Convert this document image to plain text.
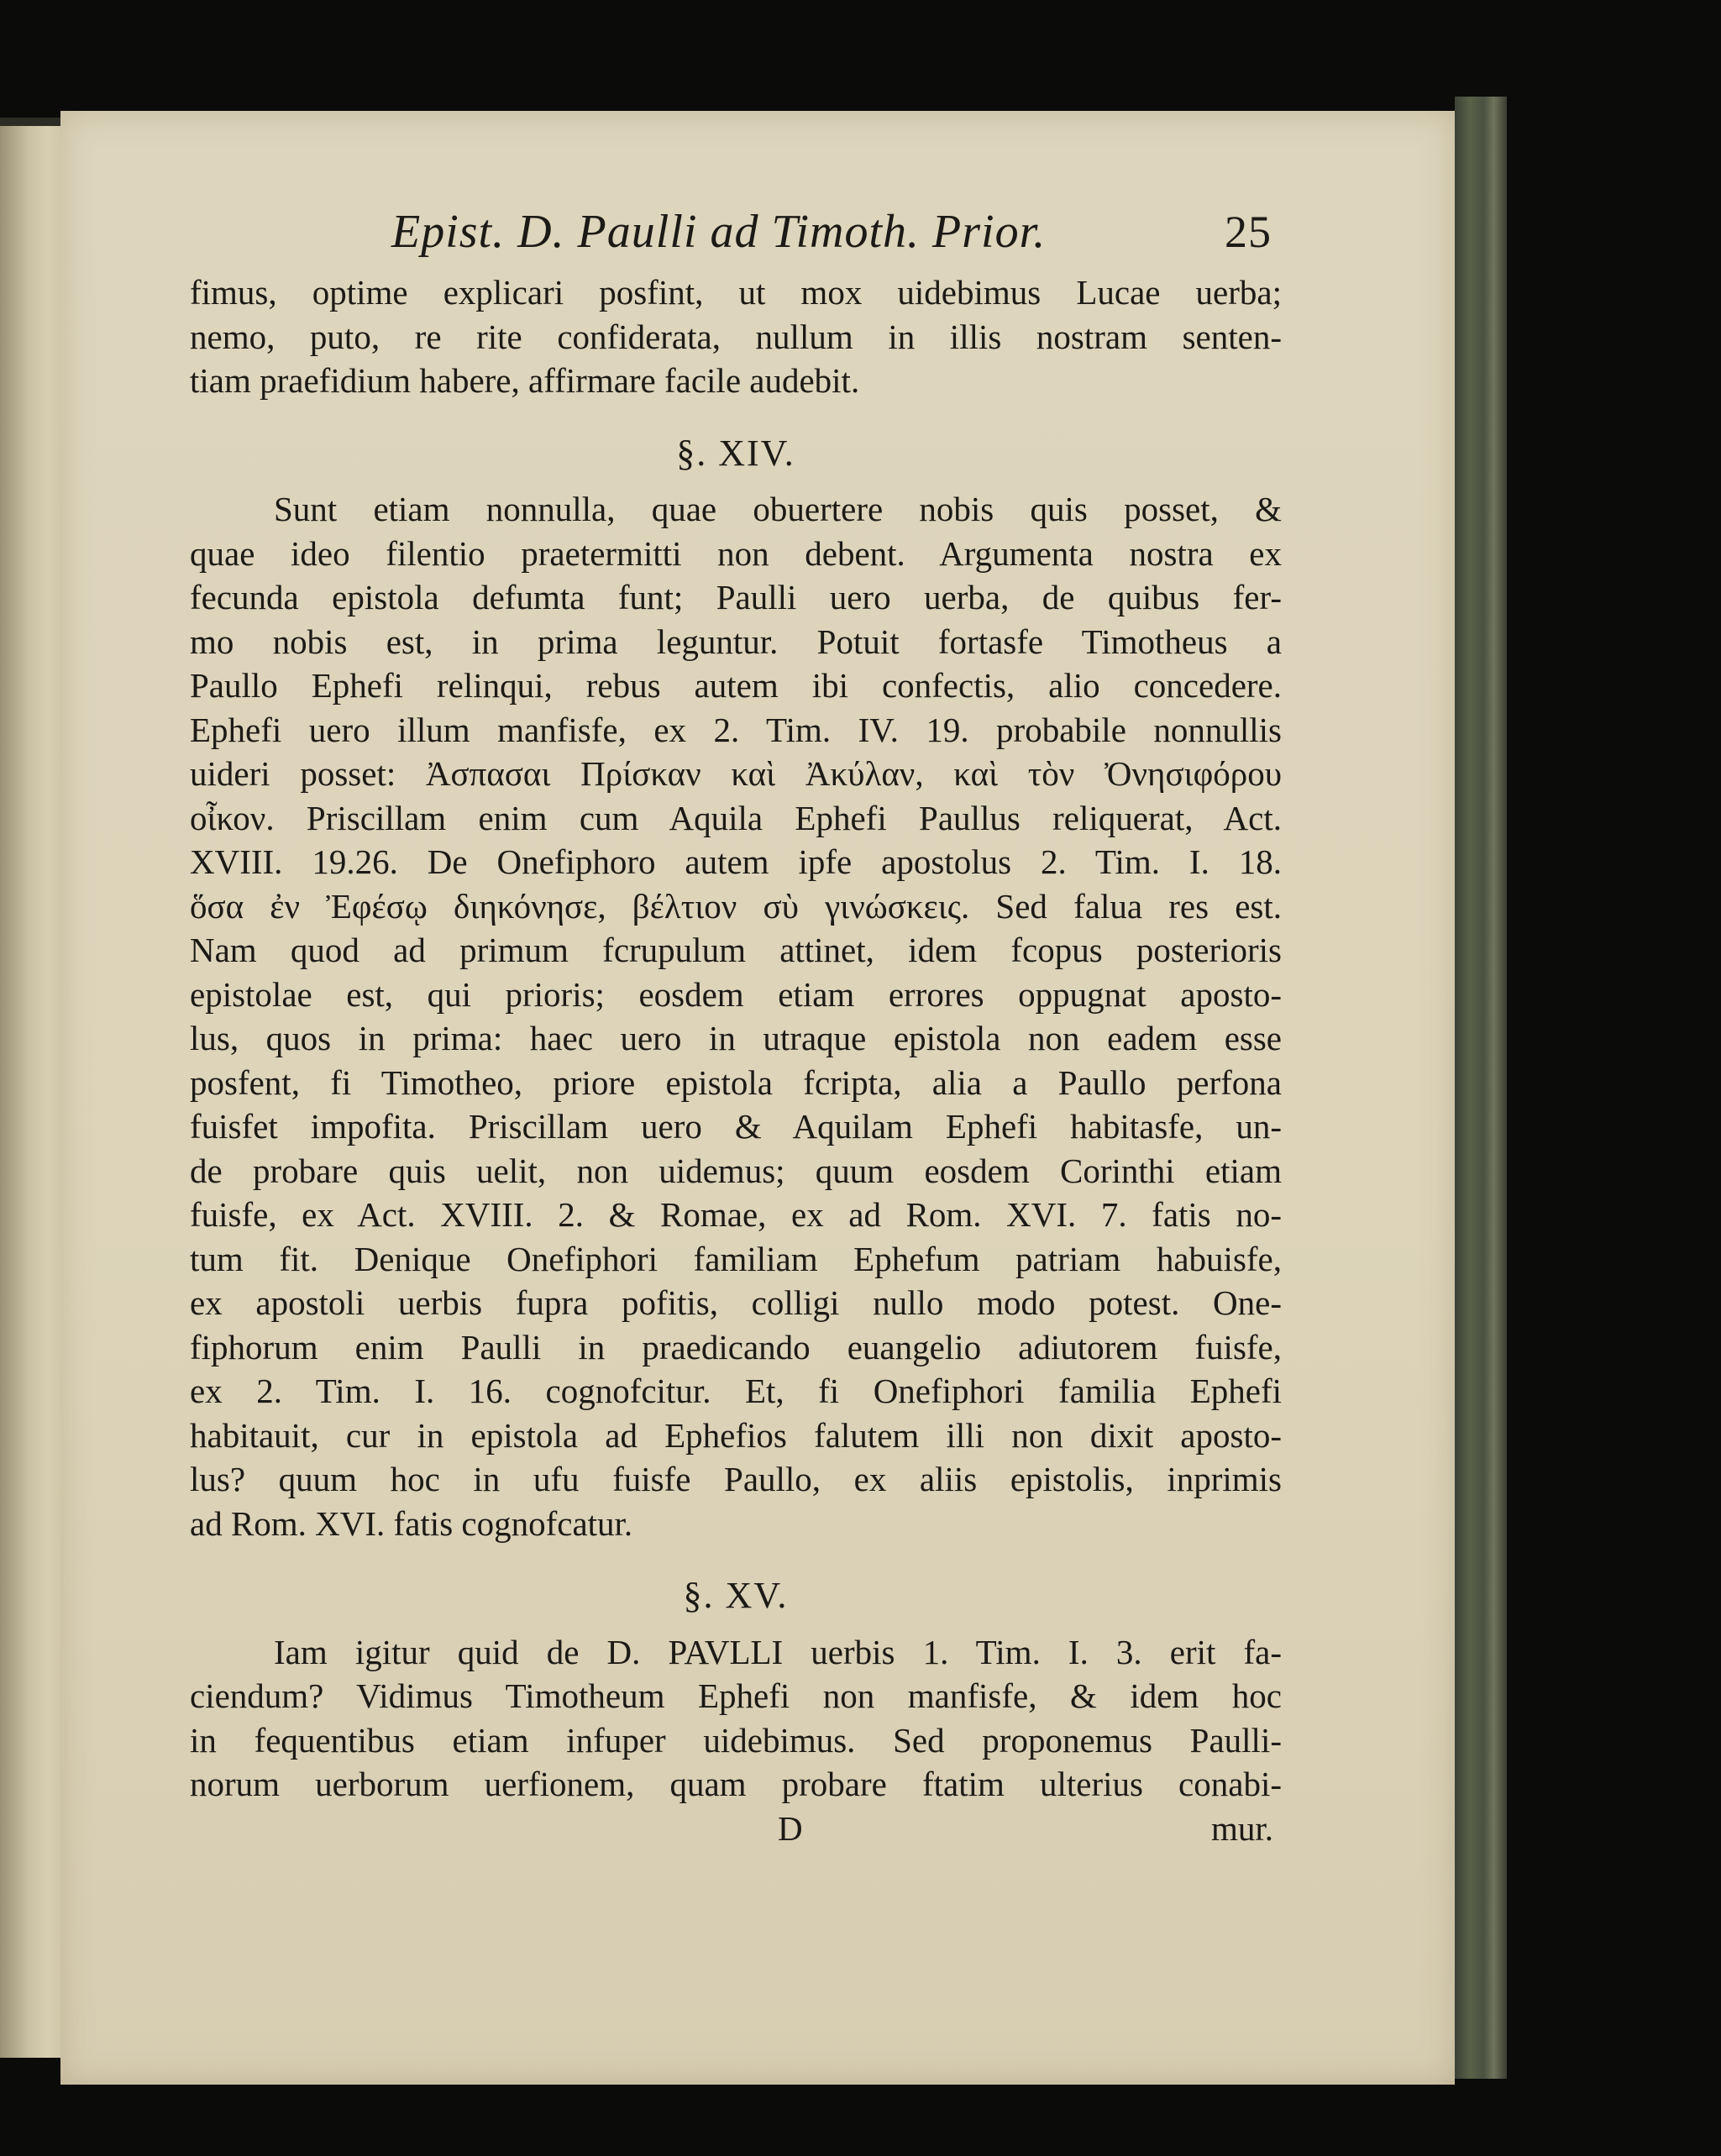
Epist. D. Paulli ad Timoth. Prior.	25
fimus, optime explicari posfint, ut mox uidebimus Lucae uerba;
nemo, puto, re rite confiderata, nullum in illis nostram senten-
tiam praefidium habere, affirmare facile audebit.
§. XIV.
Sunt etiam nonnulla, quae obuertere nobis quis posset, &
quae ideo filentio praetermitti non debent. Argumenta nostra ex
fecunda epistola defumta funt; Paulli uero uerba, de quibus fer-
mo nobis est, in prima leguntur. Potuit fortasfe Timotheus a
Paullo Ephefi relinqui, rebus autem ibi confectis, alio concedere.
Ephefi uero illum manfisfe, ex 2. Tim. IV. 19. probabile nonnullis
uideri posset: Ἀσπασαι Πρίσκαν καὶ Ἀκύλαν, καὶ τὸν Ὀνησιφόρου
οἶκον. Priscillam enim cum Aquila Ephefi Paullus reliquerat, Act.
XVIII. 19.26. De Onefiphoro autem ipfe apostolus 2. Tim. I. 18.
ὅσα ἐν Ἐφέσῳ διηκόνησε, βέλτιον σὺ γινώσκεις. Sed falua res est.
Nam quod ad primum fcrupulum attinet, idem fcopus posterioris
epistolae est, qui prioris; eosdem etiam errores oppugnat aposto-
lus, quos in prima: haec uero in utraque epistola non eadem esse
posfent, fi Timotheo, priore epistola fcripta, alia a Paullo perfona
fuisfet impofita. Priscillam uero & Aquilam Ephefi habitasfe, un-
de probare quis uelit, non uidemus; quum eosdem Corinthi etiam
fuisfe, ex Act. XVIII. 2. & Romae, ex ad Rom. XVI. 7. fatis no-
tum fit. Denique Onefiphori familiam Ephefum patriam habuisfe,
ex apostoli uerbis fupra pofitis, colligi nullo modo potest. One-
fiphorum enim Paulli in praedicando euangelio adiutorem fuisfe,
ex 2. Tim. I. 16. cognofcitur. Et, fi Onefiphori familia Ephefi
habitauit, cur in epistola ad Ephefios falutem illi non dixit aposto-
lus? quum hoc in ufu fuisfe Paullo, ex aliis epistolis, inprimis
ad Rom. XVI. fatis cognofcatur.
§. XV.
Iam igitur quid de D. PAVLLI uerbis 1. Tim. I. 3. erit fa-
ciendum? Vidimus Timotheum Ephefi non manfisfe, & idem hoc
in fequentibus etiam infuper uidebimus. Sed proponemus Paulli-
norum uerborum uerfionem, quam probare ftatim ulterius conabi-
D	mur.
